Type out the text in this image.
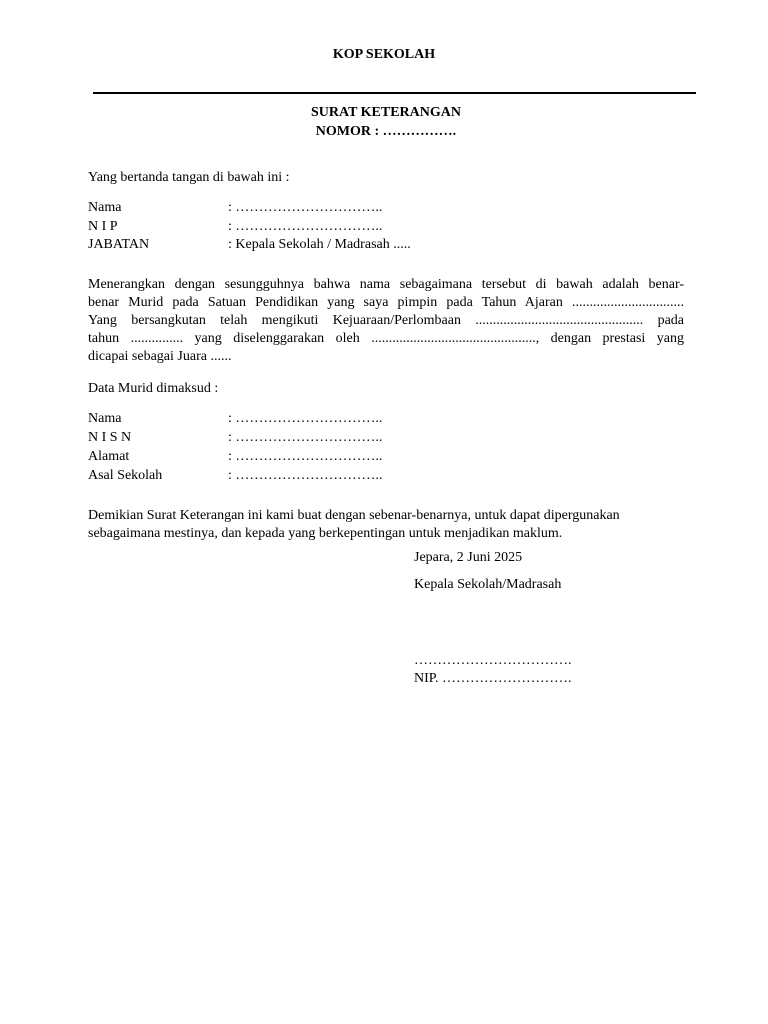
KOP SEKOLAH
SURAT KETERANGAN
NOMOR : …………….
Yang bertanda tangan di bawah ini :
Nama	: …………………………..
N I P	: …………………………..
JABATAN	: Kepala Sekolah / Madrasah .....
Menerangkan dengan sesungguhnya bahwa nama sebagaimana tersebut di bawah adalah benar-
benar Murid pada Satuan Pendidikan yang saya pimpin pada Tahun Ajaran ................................
Yang bersangkutan telah mengikuti Kejuaraan/Perlombaan ................................................ pada
tahun ............... yang diselenggarakan oleh ..............................................., dengan prestasi yang
dicapai sebagai Juara ......
Data Murid dimaksud :
Nama	: …………………………..
N I S N	: …………………………..
Alamat	: …………………………..
Asal Sekolah	: …………………………..
Demikian Surat Keterangan ini kami buat dengan sebenar-benarnya, untuk dapat dipergunakan
sebagaimana mestinya, dan kepada yang berkepentingan untuk menjadikan maklum.
Jepara, 2 Juni 2025
Kepala Sekolah/Madrasah
…………………………….
NIP. ……………………….
